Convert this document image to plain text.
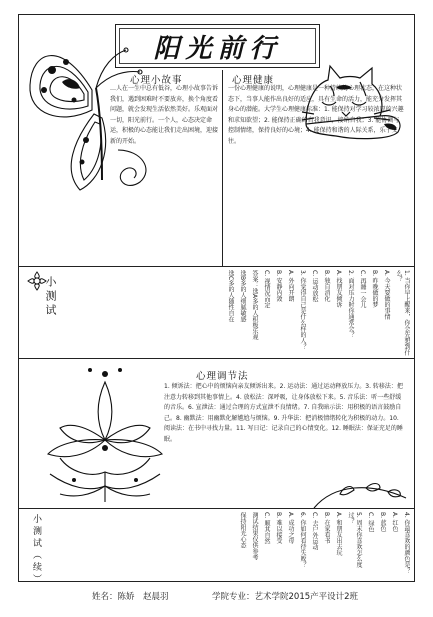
阳光前行
心理小故事
…人在一生中总有低谷，心理小故事告诉我们，遇到困难时不要放弃，换个角度看问题，就会发现生活依然美好。乐观面对一切，阳光前行。一个人，心态决定命运，积极的心态能让我们走出困境，迎接新的开始。
心理健康
一份心理健康的说明，心理健康是一种持续的心理状态，在这种状态下，当事人能作出良好的适应，具有生命的活力，能充分发挥其身心的潜能。大学生心理健康标准：1. 能保持对学习较浓厚的兴趣和求知欲望；2. 能保持正确的自我意识，接纳自我；3. 能协调与控制情绪，保持良好的心境；4. 能保持和谐的人际关系，乐于交往。
小测试	1. 当你早上醒来，你会先想到什么？
A. 今天要做的事情
B. 昨晚做的梦
C. 再睡一会儿
2. 面对压力时你通常会？
A. 找朋友倾诉
B. 独自消化
C. 运动放松
3. 你觉得自己是什么样的人？
A. 外向开朗
B. 安静内敛
C. 视情况而定
答案：选A多的人积极乐观
选B多的人细腻敏感
选C多的人随性自在
心理调节法
1. 倾诉法：把心中的烦恼向亲友倾诉出来。2. 运动法：通过运动释放压力。3. 转移法：把注意力转移到其他事情上。4. 放松法：深呼吸，让身体放松下来。5. 音乐法：听一些舒缓的音乐。6. 宣泄法：通过合理的方式宣泄不良情绪。7. 自我暗示法：用积极的语言鼓励自己。8. 幽默法：用幽默化解尴尬与烦恼。9. 升华法：把消极情绪转化为积极的动力。10. 阅读法：在书中寻找力量。11. 写日记：记录自己的心情变化。12. 睡眠法：保证充足的睡眠。
小测试（续）	4. 你最喜欢的颜色是？
A. 红色
B. 蓝色
C. 绿色
5. 周末你喜欢怎么度过？
A. 和朋友出去玩
B. 在家看书
C. 去户外运动
6. 你如何看待失败？
A. 成功之母
B. 难以接受
C. 顺其自然
测试结果仅供参考
保持阳光心态
姓名：陈娇　赵晨羽	学院专业：艺术学院2015产平设计2班
